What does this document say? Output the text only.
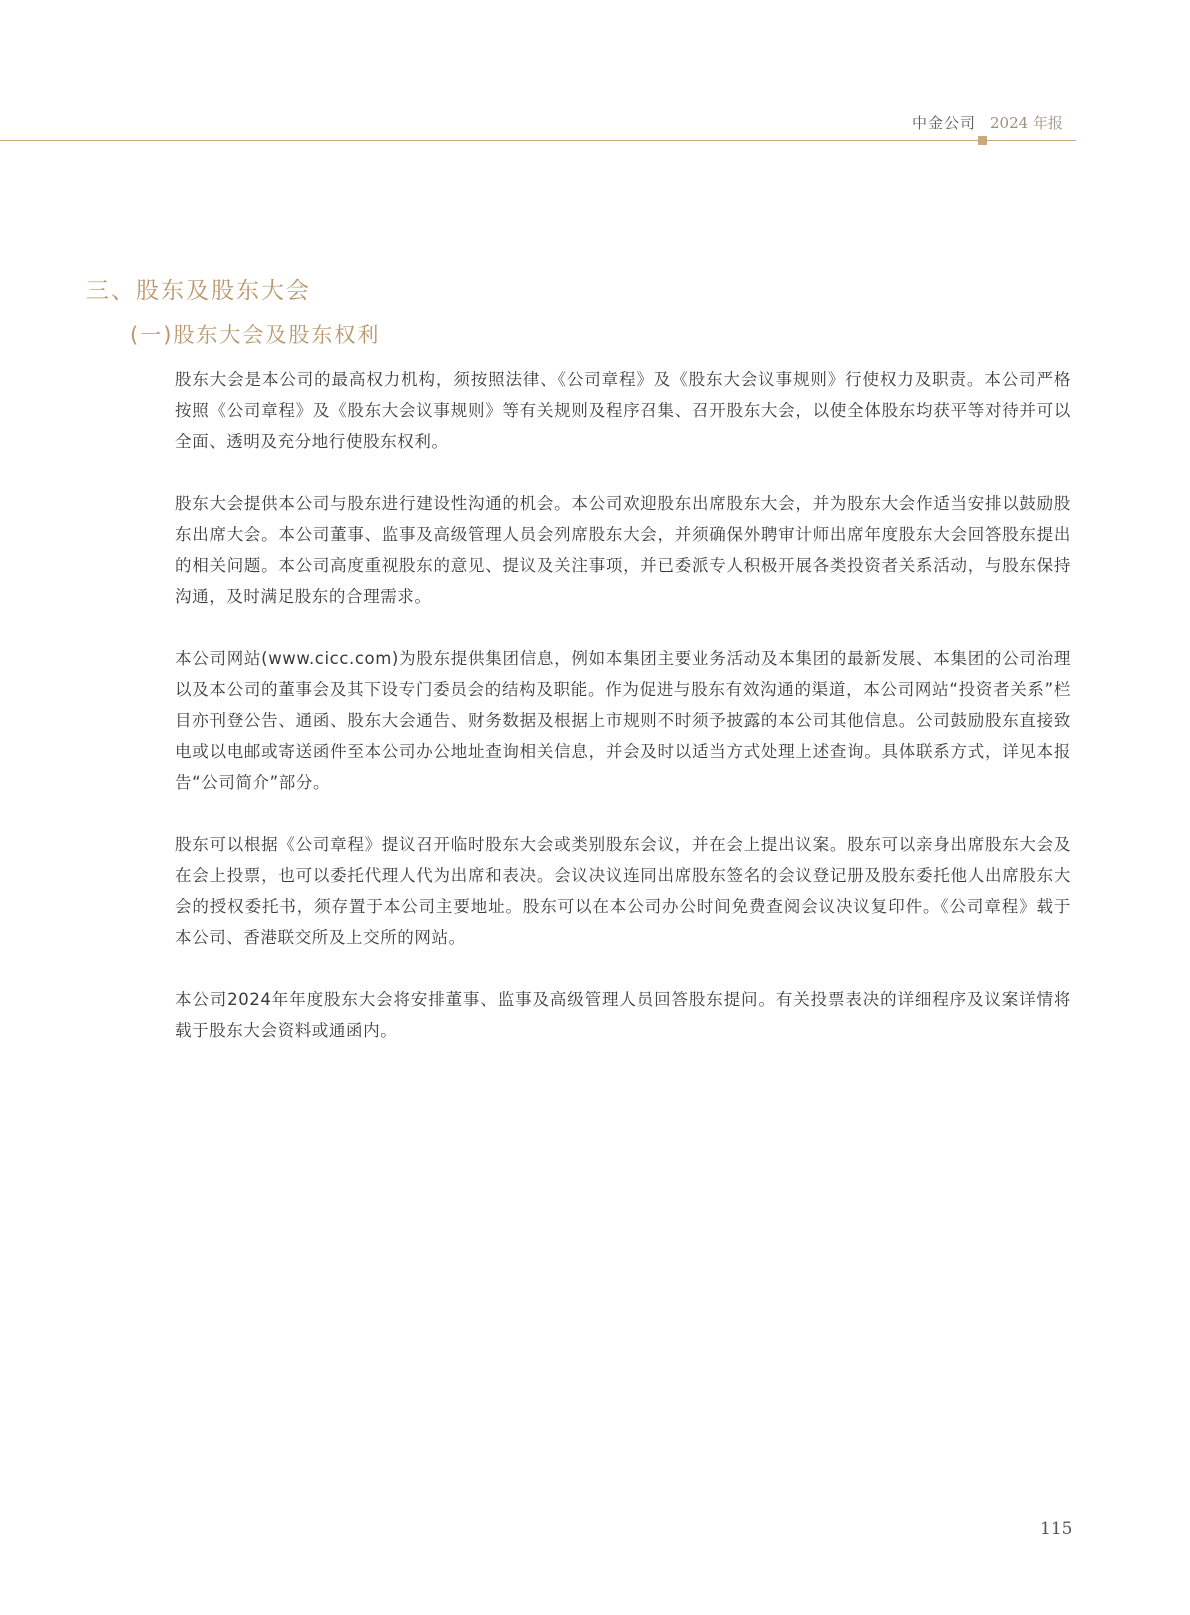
中金公司 2024 年报
三、股东及股东大会
(一)股东大会及股东权利

股东大会是本公司的最高权力机构，须按照法律、《公司章程》及《股东大会议事规则》行使权力及职责。本公司严格按照《公司章程》及《股东大会议事规则》等有关规则及程序召集、召开股东大会，以使全体股东均获平等对待并可以全面、透明及充分地行使股东权利。

股东大会提供本公司与股东进行建设性沟通的机会。本公司欢迎股东出席股东大会，并为股东大会作适当安排以鼓励股东出席大会。本公司董事、监事及高级管理人员会列席股东大会，并须确保外聘审计师出席年度股东大会回答股东提出的相关问题。本公司高度重视股东的意见、提议及关注事项，并已委派专人积极开展各类投资者关系活动，与股东保持沟通，及时满足股东的合理需求。

本公司网站(www.cicc.com)为股东提供集团信息，例如本集团主要业务活动及本集团的最新发展、本集团的公司治理以及本公司的董事会及其下设专门委员会的结构及职能。作为促进与股东有效沟通的渠道，本公司网站“投资者关系”栏目亦刊登公告、通函、股东大会通告、财务数据及根据上市规则不时须予披露的本公司其他信息。公司鼓励股东直接致电或以电邮或寄送函件至本公司办公地址查询相关信息，并会及时以适当方式处理上述查询。具体联系方式，详见本报告“公司简介”部分。

股东可以根据《公司章程》提议召开临时股东大会或类别股东会议，并在会上提出议案。股东可以亲身出席股东大会及在会上投票，也可以委托代理人代为出席和表决。会议决议连同出席股东签名的会议登记册及股东委托他人出席股东大会的授权委托书，须存置于本公司主要地址。股东可以在本公司办公时间免费查阅会议决议复印件。《公司章程》载于本公司、香港联交所及上交所的网站。

本公司2024年年度股东大会将安排董事、监事及高级管理人员回答股东提问。有关投票表决的详细程序及议案详情将载于股东大会资料或通函内。

115
